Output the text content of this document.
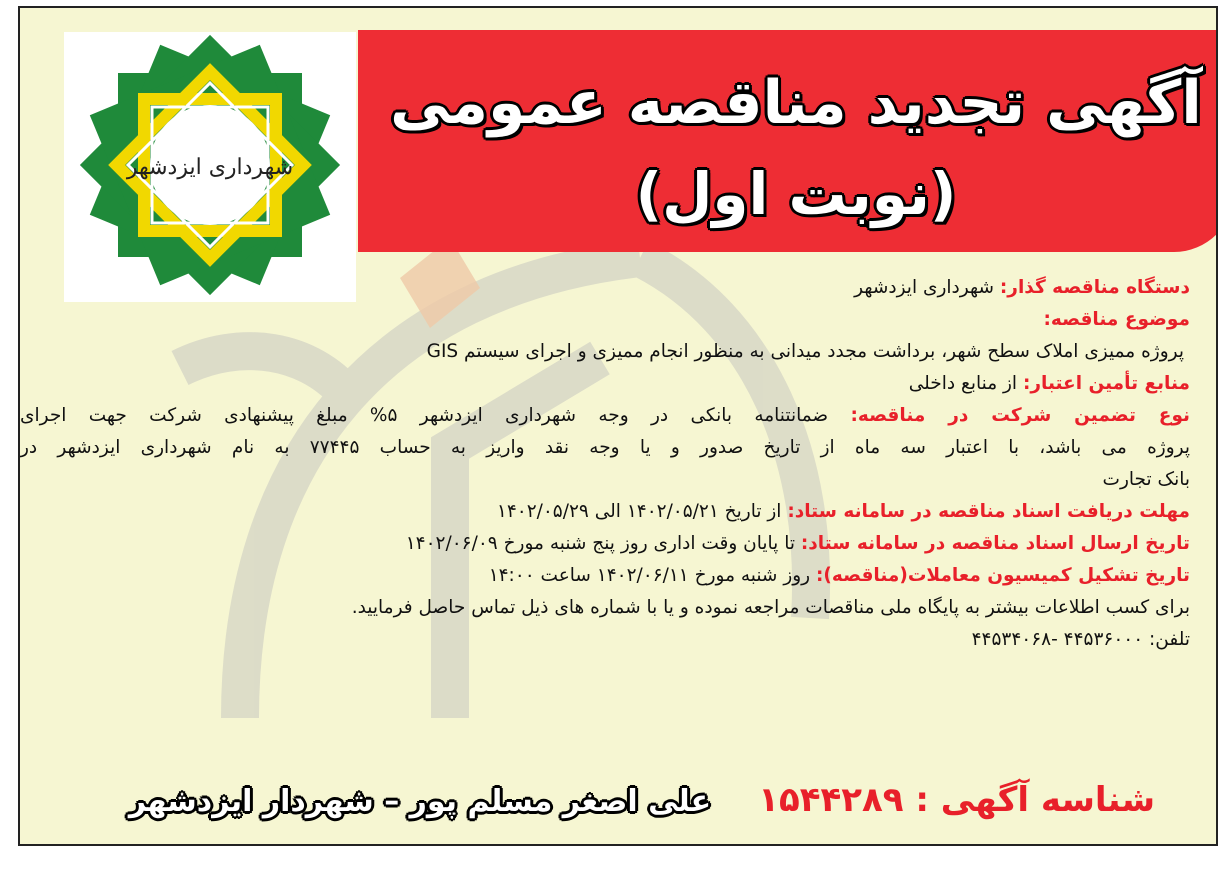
شهرداری ایزدشهر
آگهی تجدید مناقصه عمومی
(نوبت اول)
دستگاه مناقصه گذار: شهرداری ایزدشهر
موضوع مناقصه:
پروژه ممیزی املاک سطح شهر، برداشت مجدد میدانی به منظور انجام ممیزی و اجرای سیستم GIS
منابع تأمین اعتبار: از منابع داخلی
نوع تضمین شرکت در مناقصه: ضمانتنامه بانکی در وجه شهرداری ایزدشهر ۵% مبلغ پیشنهادی شرکت جهت اجرای
پروژه می باشد، با اعتبار سه ماه از تاریخ صدور و یا وجه نقد واریز به حساب ۷۷۴۴۵ به نام شهرداری ایزدشهر در
بانک تجارت
مهلت دریافت اسناد مناقصه در سامانه ستاد: از تاریخ ۱۴۰۲/۰۵/۲۱ الی ۱۴۰۲/۰۵/۲۹
تاریخ ارسال اسناد مناقصه در سامانه ستاد: تا پایان وقت اداری روز پنج شنبه مورخ ۱۴۰۲/۰۶/۰۹
تاریخ تشکیل کمیسیون معاملات(مناقصه): روز شنبه مورخ ۱۴۰۲/۰۶/۱۱ ساعت ۱۴:۰۰
برای کسب اطلاعات بیشتر به پایگاه ملی مناقصات مراجعه نموده و یا با شماره های ذیل تماس حاصل فرمایید.
تلفن: ۴۴۵۳۶۰۰۰ -۴۴۵۳۴۰۶۸
شناسه آگهی : ۱۵۴۴۲۸۹
علی اصغر مسلم پور – شهردار ایزدشهر
